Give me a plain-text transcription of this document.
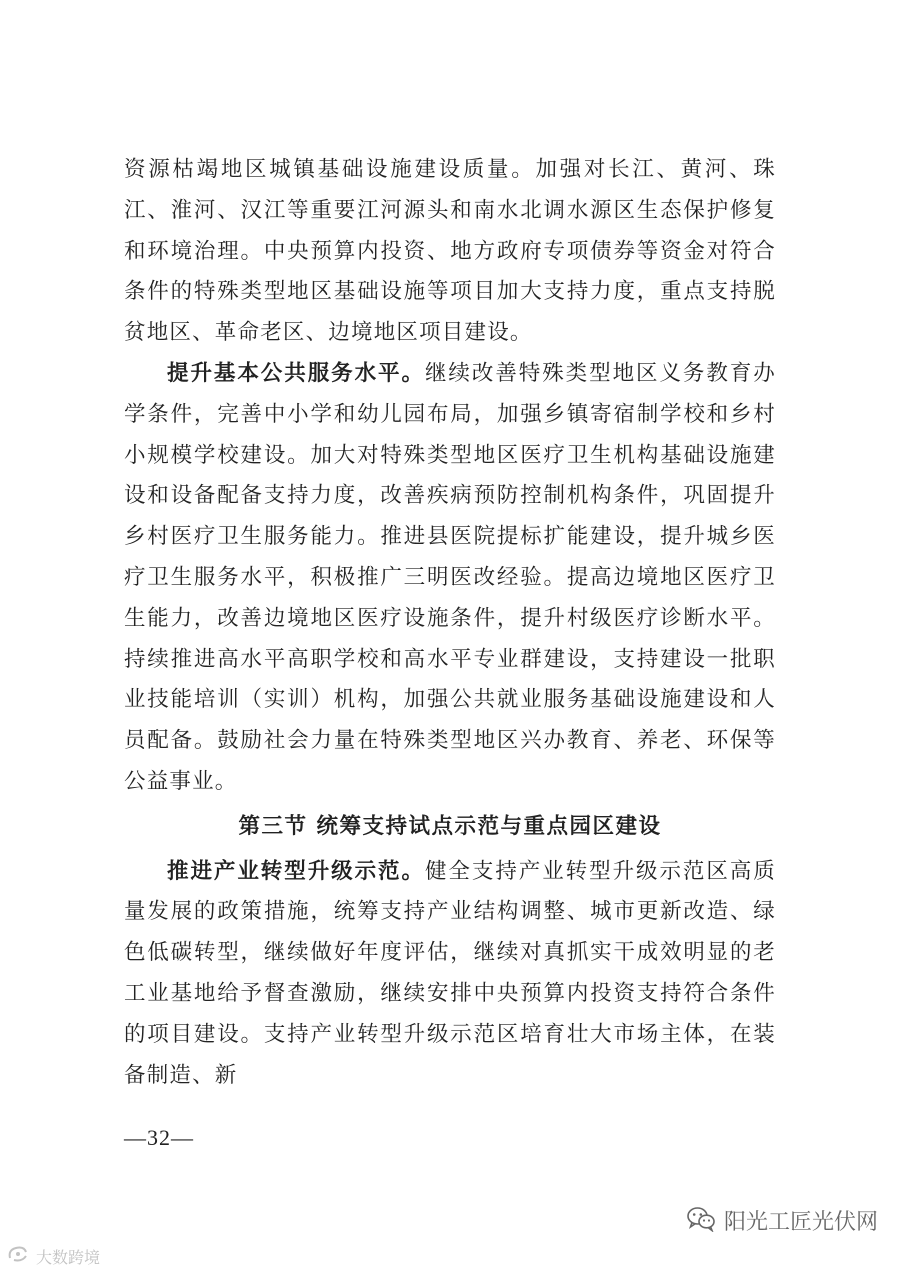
资源枯竭地区城镇基础设施建设质量。加强对长江、黄河、珠江、淮河、汉江等重要江河源头和南水北调水源区生态保护修复和环境治理。中央预算内投资、地方政府专项债券等资金对符合条件的特殊类型地区基础设施等项目加大支持力度，重点支持脱贫地区、革命老区、边境地区项目建设。

提升基本公共服务水平。继续改善特殊类型地区义务教育办学条件，完善中小学和幼儿园布局，加强乡镇寄宿制学校和乡村小规模学校建设。加大对特殊类型地区医疗卫生机构基础设施建设和设备配备支持力度，改善疾病预防控制机构条件，巩固提升乡村医疗卫生服务能力。推进县医院提标扩能建设，提升城乡医疗卫生服务水平，积极推广三明医改经验。提高边境地区医疗卫生能力，改善边境地区医疗设施条件，提升村级医疗诊断水平。持续推进高水平高职学校和高水平专业群建设，支持建设一批职业技能培训（实训）机构，加强公共就业服务基础设施建设和人员配备。鼓励社会力量在特殊类型地区兴办教育、养老、环保等公益事业。

第三节 统筹支持试点示范与重点园区建设

推进产业转型升级示范。健全支持产业转型升级示范区高质量发展的政策措施，统筹支持产业结构调整、城市更新改造、绿色低碳转型，继续做好年度评估，继续对真抓实干成效明显的老工业基地给予督查激励，继续安排中央预算内投资支持符合条件的项目建设。支持产业转型升级示范区培育壮大市场主体，在装备制造、新

—32—
阳光工匠光伏网
大数跨境
